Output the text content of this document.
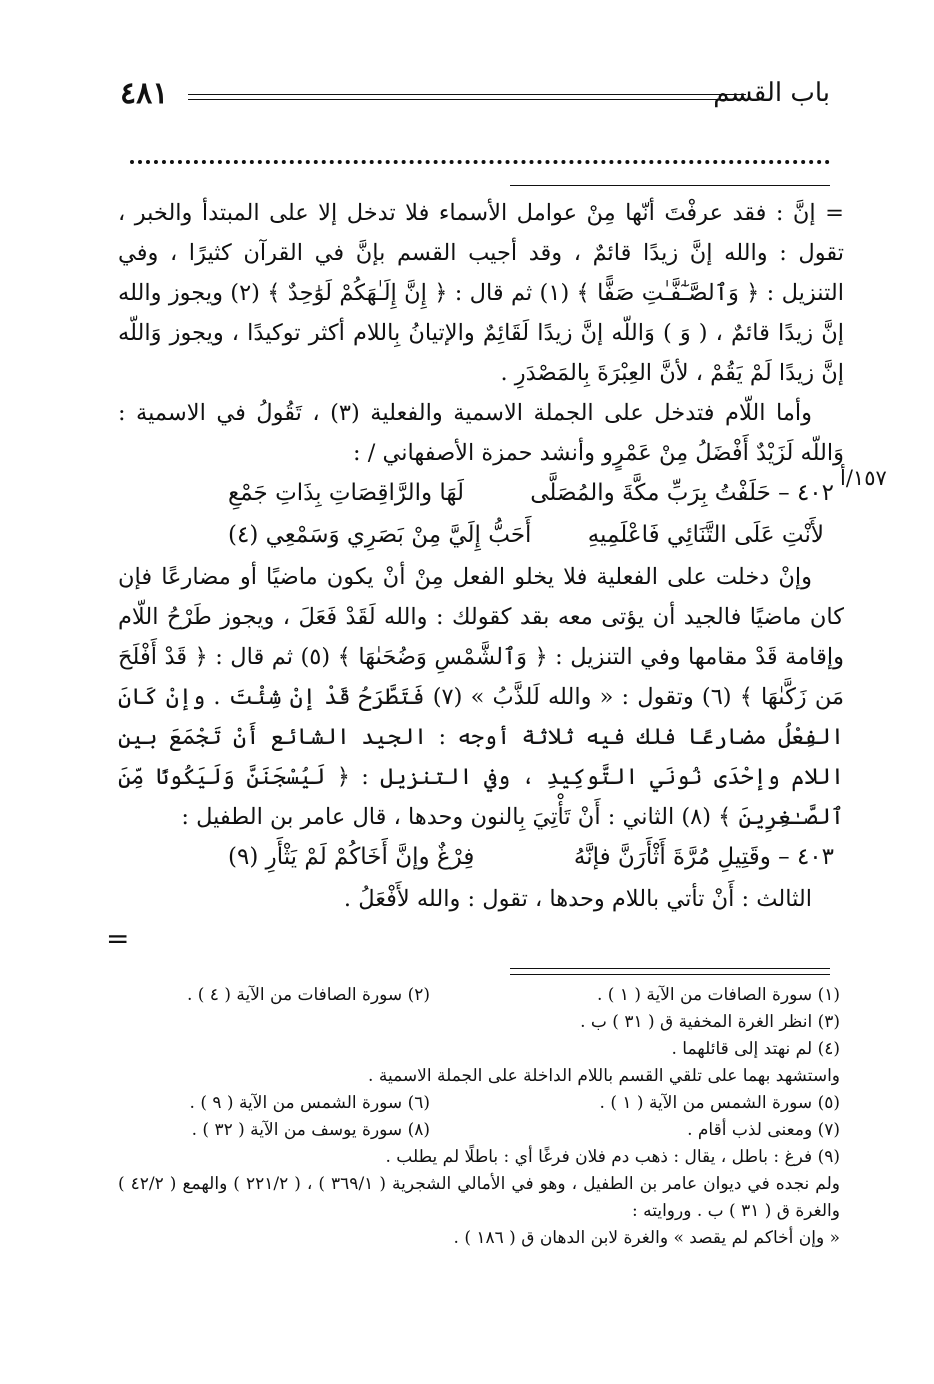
٤٨١	باب القسم
١٥٧/أ

= إنَّ : فقد عرفْتَ أنّها مِنْ عوامل الأسماء فلا تدخل إلا على المبتدأ والخبر ، تقول : والله إنَّ زيدًا قائمٌ ، وقد أجيب القسم بإنَّ في القرآن كثيرًا ، وفي التنزيل : ﴿ وَٱلصَّـٰٓفَّـٰتِ صَفًّا ﴾ (١) ثم قال : ﴿ إِنَّ إِلَـٰهَكُمْ لَوَٰحِدٌ ﴾ (٢) ويجوز والله إنَّ زيدًا قائمٌ ، ( وَ ) وَاللّه إنَّ زيدًا لَقَائِمٌ والإتيانُ بِاللام أكثر توكيدًا ، ويجوز وَاللّه إنَّ زيدًا لَمْ يَقُمْ ، لأنَّ العِبْرَةَ بِالمَصْدَرِ .

وأما اللّام فتدخل على الجملة الاسمية والفعلية (٣) ، تَقُولُ في الاسمية : وَاللّه لَزَيْدٌ أَفْضَلُ مِنْ عَمْرٍو وأنشد حمزة الأصفهاني / :

٤٠٢ – حَلَفْتُ بِرَبِّ مكَّةَ والمُصَلَّى
لَهَا والرَّاقِصَاتِ بِذَاتِ جَمْعِ
لأَنْتِ عَلَى التَّنَائِي فَاعْلَمِيهِ
أَحَبُّ إِلَيَّ مِنْ بَصَرِي وَسَمْعِي (٤)

وإنْ دخلت على الفعلية فلا يخلو الفعل مِنْ أنْ يكون ماضيًا أو مضارعًا فإن كان ماضيًا فالجيد أن يؤتى معه بقد كقولك : والله لَقَدْ فَعَلَ ، ويجوز طَرْحُ اللّام وإقامة قَدْ مقامها وفي التنزيل : ﴿ وَٱلشَّمْسِ وَضُحَىٰهَا ﴾ (٥) ثم قال : ﴿ قَدْ أَفْلَحَ مَن زَكَّىٰهَا ﴾ (٦) وتقول : « والله لَلذَّبُ » (٧) فَتَطَّرَحُ قَدْ إنْ شِئْتَ . وإنْ كَانَ الفِعْلُ مضارعًا فلك فيه ثلاثة أوجه : الجيد الشائع أَنْ تَجْمَعَ بين اللام وإحْدَى نُونَي التَّوكِيدِ ، وفي التنزيل : ﴿ لَيُسْجَنَنَّ وَلَيَكُونًا مِّنَ ٱلصَّـٰغِرِينَ ﴾ (٨) الثاني : أَنْ تَأْتِيَ بِالنون وحدها ، قال عامر بن الطفيل :

٤٠٣ – وقَتِيلِ مُرَّةَ أَثْأَرَنَّ فإنَّهُ
فِرْغٌ وإنَّ أَخَاكُمْ لَمْ يَثْأَرِ (٩)

الثالث : أَنْ تأتي باللام وحدها ، تقول : والله لأَفْعَلُ .

=
(١) سورة الصافات من الآية ( ١ ) .
(٢) سورة الصافات من الآية ( ٤ ) .
(٣) انظر الغرة المخفية ق ( ٣١ ) ب .
(٤) لم نهتد إلى قائلهما .
واستشهد بهما على تلقي القسم باللام الداخلة على الجملة الاسمية .
(٥) سورة الشمس من الآية ( ١ ) .
(٦) سورة الشمس من الآية ( ٩ ) .
(٧) ومعنى لذب أقام .
(٨) سورة يوسف من الآية ( ٣٢ ) .
(٩) فرغ : باطل ، يقال : ذهب دم فلان فرغًا أي : باطلًا لم يطلب .
ولم نجده في ديوان عامر بن الطفيل ، وهو في الأمالي الشجرية ( ٣٦٩/١ ) ، ( ٢٢١/٢ ) والهمع ( ٤٢/٢ ) والغرة ق ( ٣١ ) ب . وروايته :
« وإن أخاكم لم يقصد » والغرة لابن الدهان ق ( ١٨٦ ) .
